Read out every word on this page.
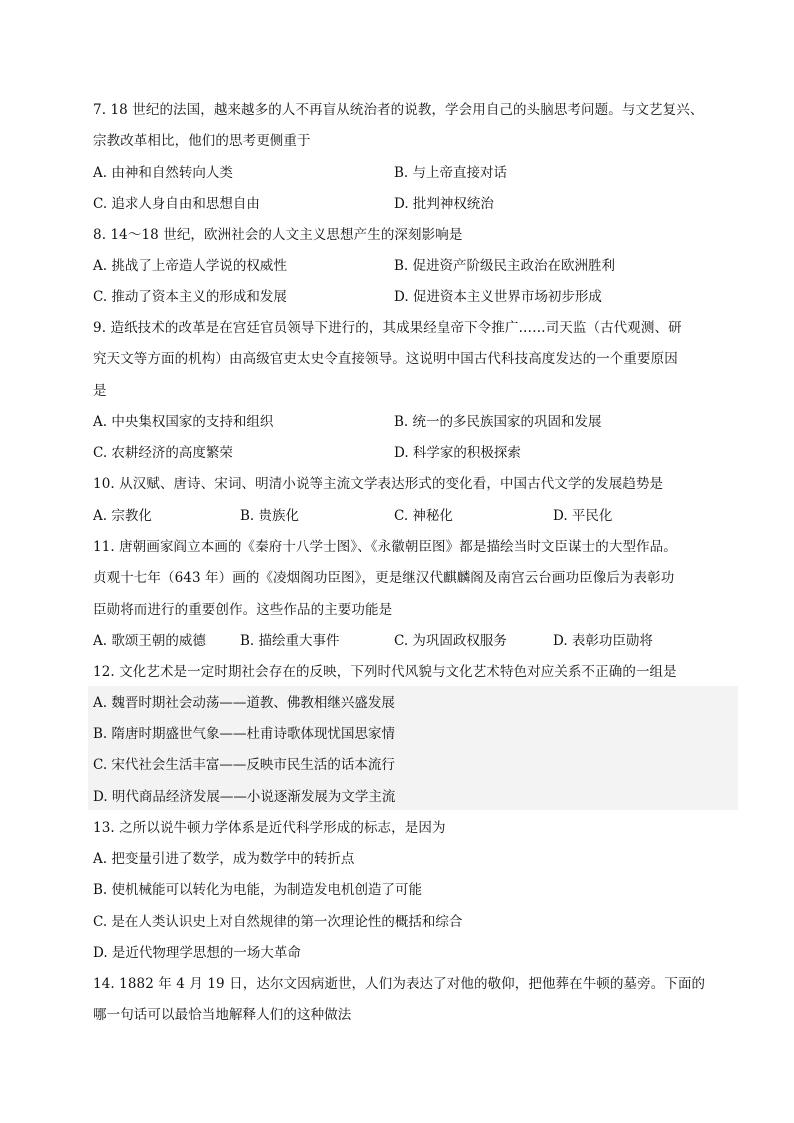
7. 18 世纪的法国，越来越多的人不再盲从统治者的说教，学会用自己的头脑思考问题。与文艺复兴、
宗教改革相比，他们的思考更侧重于
A. 由神和自然转向人类	B. 与上帝直接对话
C. 追求人身自由和思想自由	D. 批判神权统治
8. 14～18 世纪，欧洲社会的人文主义思想产生的深刻影响是
A. 挑战了上帝造人学说的权威性	B. 促进资产阶级民主政治在欧洲胜利
C. 推动了资本主义的形成和发展	D. 促进资本主义世界市场初步形成
9. 造纸技术的改革是在宫廷官员领导下进行的，其成果经皇帝下令推广……司天监（古代观测、研
究天文等方面的机构）由高级官吏太史令直接领导。这说明中国古代科技高度发达的一个重要原因
是
A. 中央集权国家的支持和组织	B. 统一的多民族国家的巩固和发展
C. 农耕经济的高度繁荣	D. 科学家的积极探索
10. 从汉赋、唐诗、宋词、明清小说等主流文学表达形式的变化看，中国古代文学的发展趋势是
A. 宗教化	B. 贵族化	C. 神秘化	D. 平民化
11. 唐朝画家阎立本画的《秦府十八学士图》、《永徽朝臣图》都是描绘当时文臣谋士的大型作品。
贞观十七年（643 年）画的《凌烟阁功臣图》，更是继汉代麒麟阁及南宫云台画功臣像后为表彰功
臣勋将而进行的重要创作。这些作品的主要功能是
A. 歌颂王朝的威德	B. 描绘重大事件	C. 为巩固政权服务	D. 表彰功臣勋将
12. 文化艺术是一定时期社会存在的反映，下列时代风貌与文化艺术特色对应关系不正确的一组是
A. 魏晋时期社会动荡——道教、佛教相继兴盛发展
B. 隋唐时期盛世气象——杜甫诗歌体现忧国思家情
C. 宋代社会生活丰富——反映市民生活的话本流行
D. 明代商品经济发展——小说逐渐发展为文学主流
13. 之所以说牛顿力学体系是近代科学形成的标志，是因为
A. 把变量引进了数学，成为数学中的转折点
B. 使机械能可以转化为电能，为制造发电机创造了可能
C. 是在人类认识史上对自然规律的第一次理论性的概括和综合
D. 是近代物理学思想的一场大革命
14. 1882 年 4 月 19 日，达尔文因病逝世，人们为表达了对他的敬仰，把他葬在牛顿的墓旁。下面的
哪一句话可以最恰当地解释人们的这种做法
